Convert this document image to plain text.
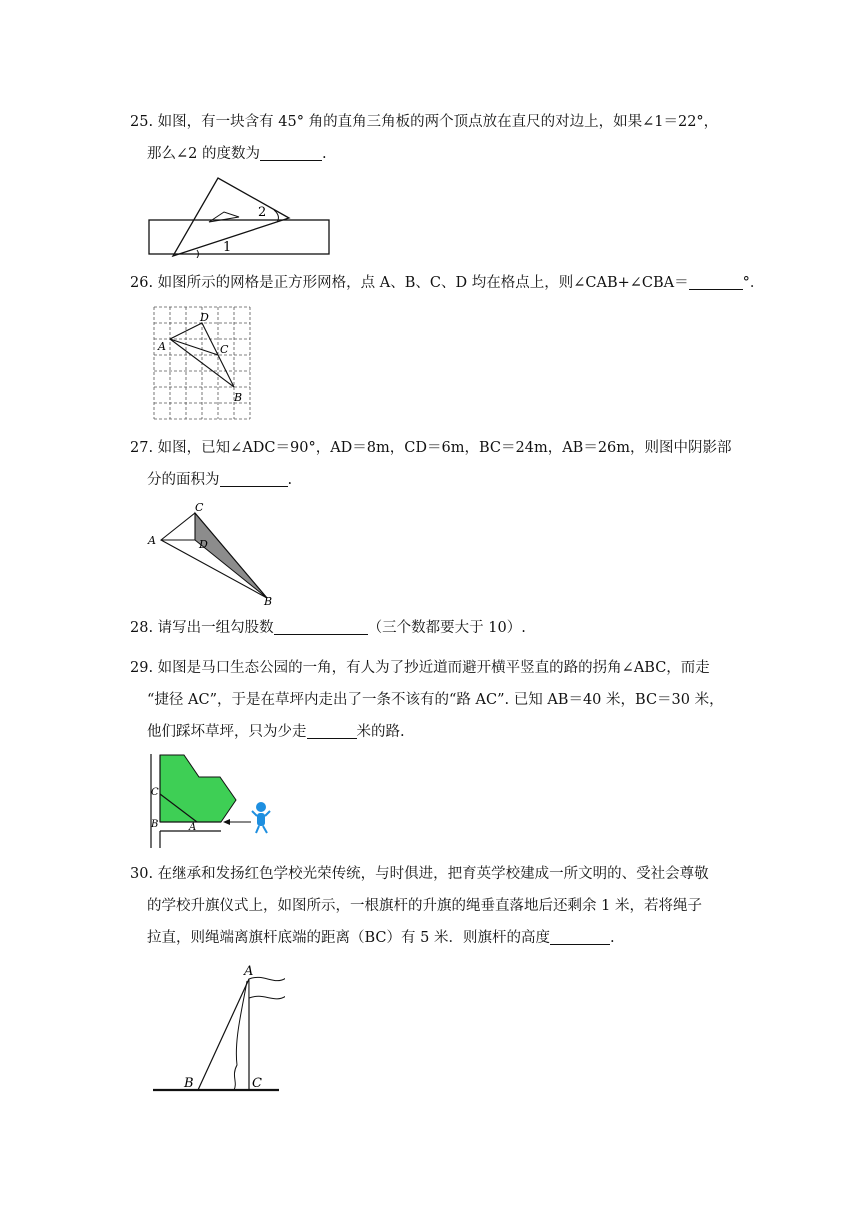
25. 如图，有一块含有 45° 角的直角三角板的两个顶点放在直尺的对边上，如果∠1＝22°，
那么∠2 的度数为	.
2
1
26. 如图所示的网格是正方形网格，点 A、B、C、D 均在格点上，则∠CAB+∠CBA＝	°．
A
B
C
D
27. 如图，已知∠ADC＝90°，AD＝8m，CD＝6m，BC＝24m，AB＝26m，则图中阴影部
分的面积为	.
A
B
C
D
28. 请写出一组勾股数	（三个数都要大于 10）.
29. 如图是马口生态公园的一角，有人为了抄近道而避开横平竖直的路的拐角∠ABC，而走
“捷径 AC”，于是在草坪内走出了一条不该有的“路 AC”. 已知 AB＝40 米，BC＝30 米，
他们踩坏草坪，只为少走	米的路.
A
B
C
30. 在继承和发扬红色学校光荣传统，与时俱进，把育英学校建成一所文明的、受社会尊敬
的学校升旗仪式上，如图所示，一根旗杆的升旗的绳垂直落地后还剩余 1 米，若将绳子
拉直，则绳端离旗杆底端的距离（BC）有 5 米．则旗杆的高度	.
A
B	C
